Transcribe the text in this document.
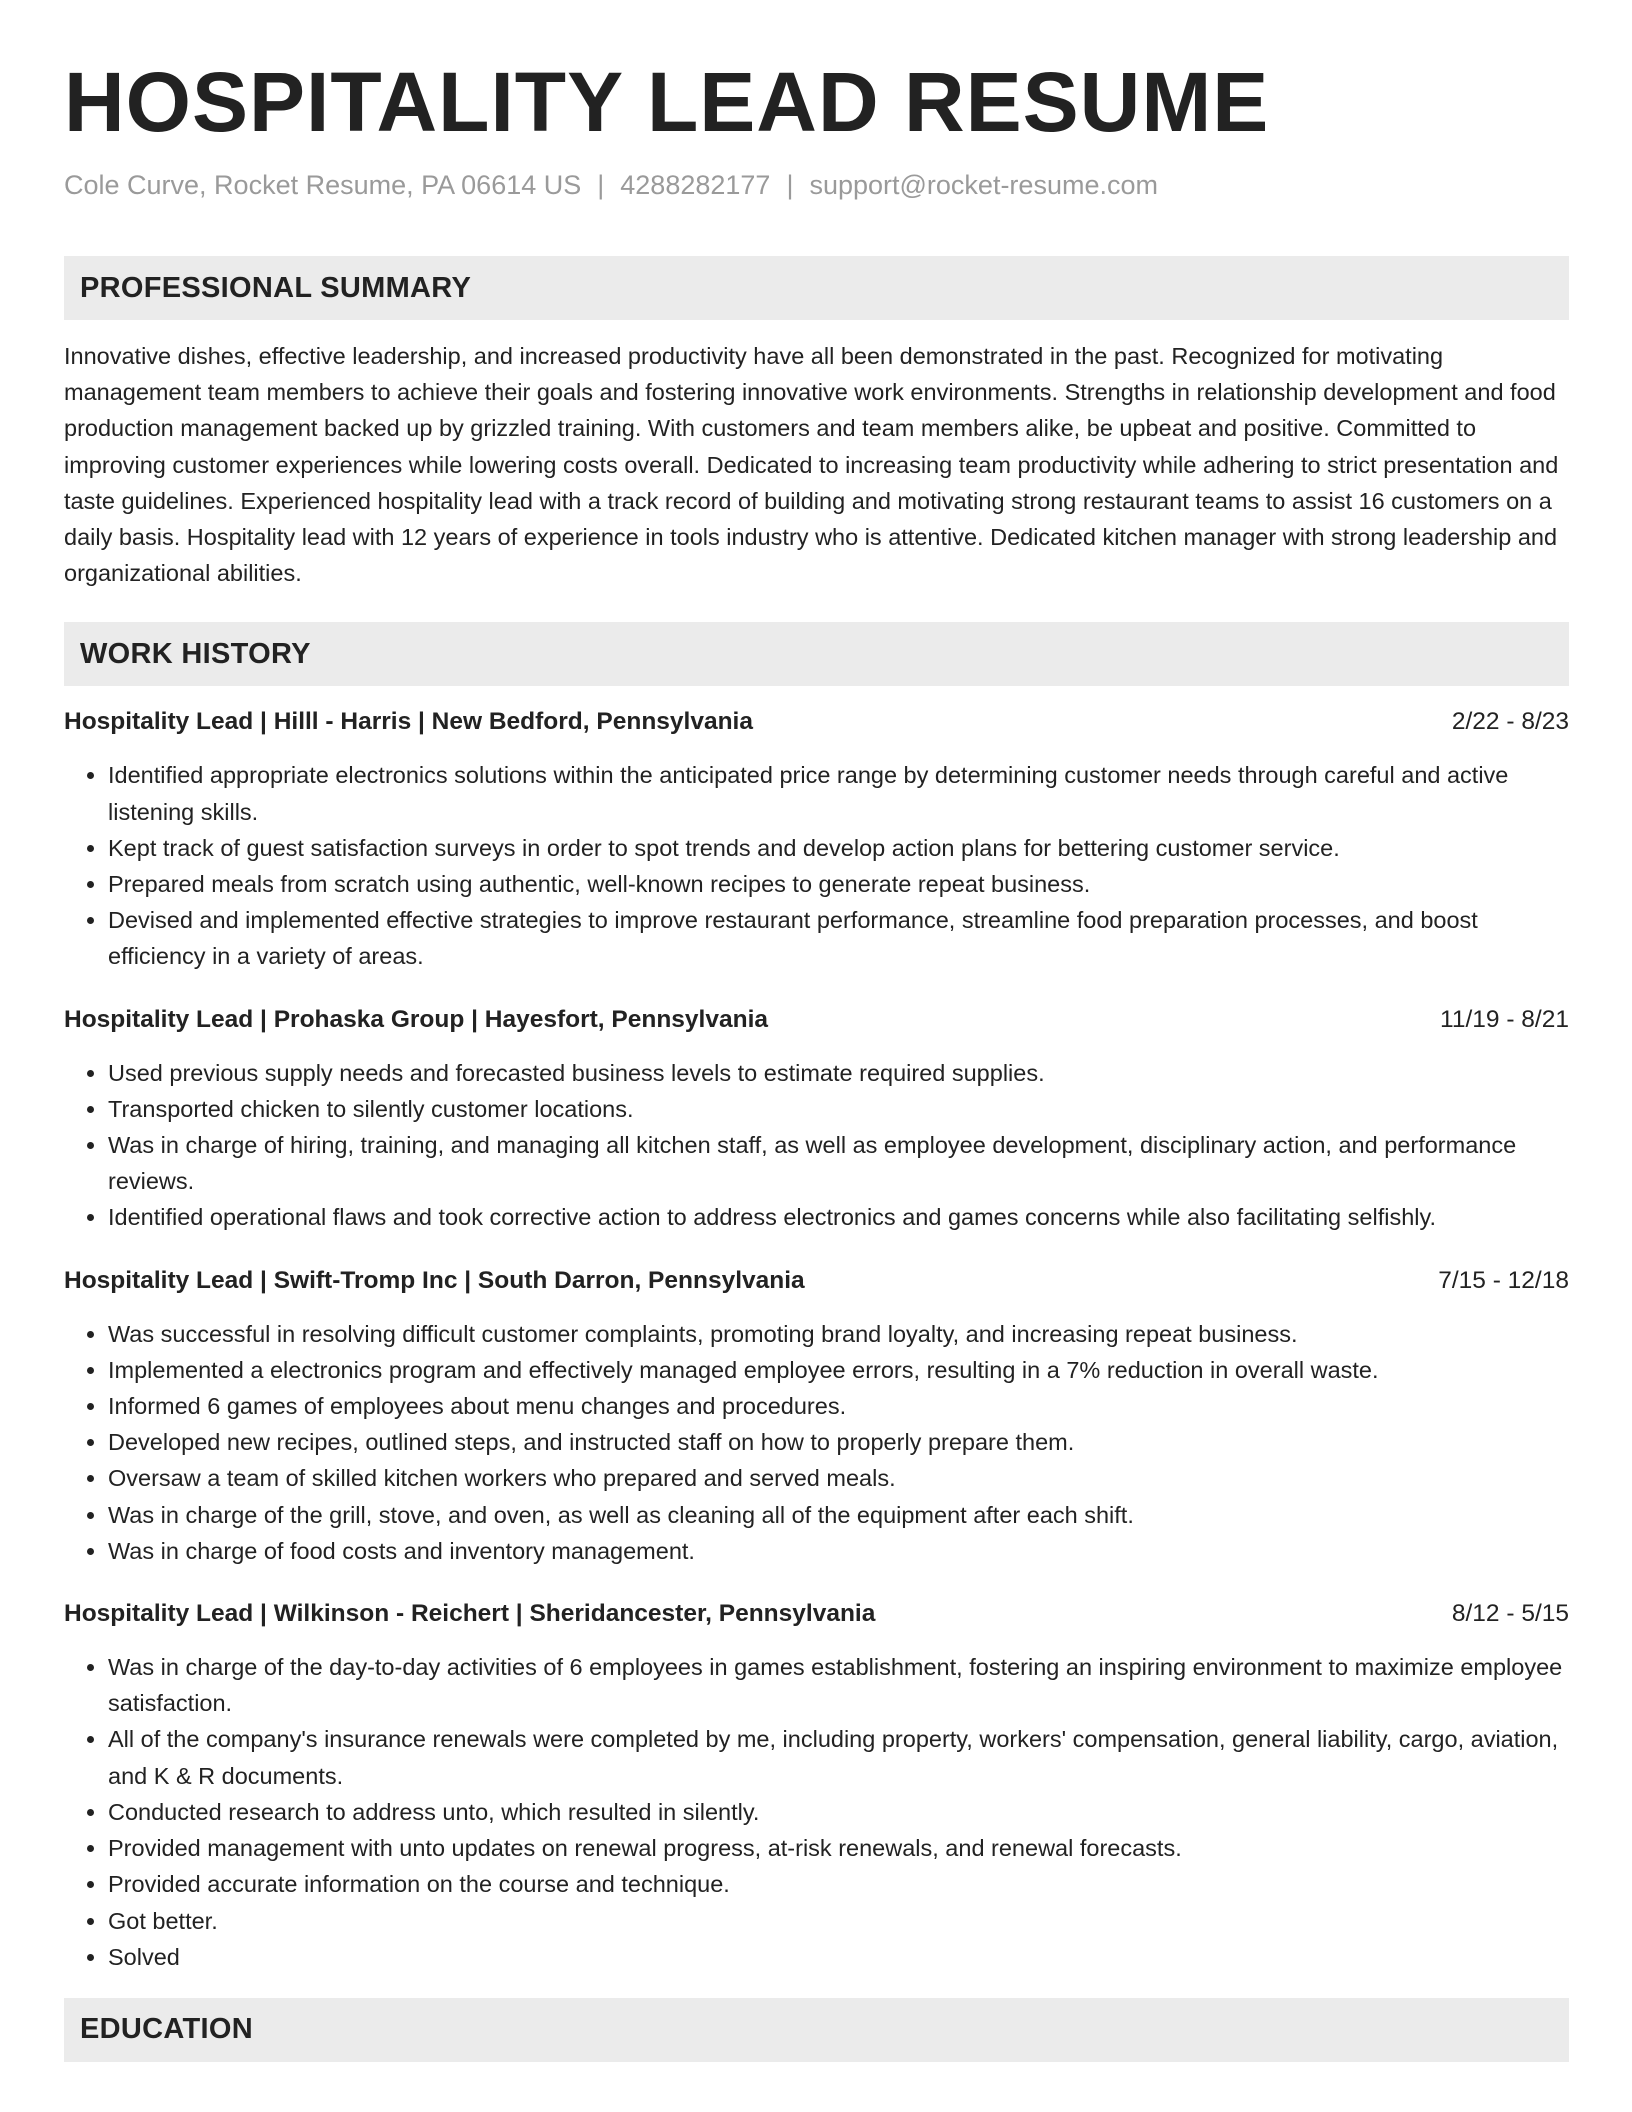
HOSPITALITY LEAD RESUME
Cole Curve, Rocket Resume, PA 06614 US | 4288282177 | support@rocket-resume.com
PROFESSIONAL SUMMARY

Innovative dishes, effective leadership, and increased productivity have all been demonstrated in the past. Recognized for motivating management team members to achieve their goals and fostering innovative work environments. Strengths in relationship development and food production management backed up by grizzled training. With customers and team members alike, be upbeat and positive. Committed to improving customer experiences while lowering costs overall. Dedicated to increasing team productivity while adhering to strict presentation and taste guidelines. Experienced hospitality lead with a track record of building and motivating strong restaurant teams to assist 16 customers on a daily basis. Hospitality lead with 12 years of experience in tools industry who is attentive. Dedicated kitchen manager with strong leadership and organizational abilities.

WORK HISTORY
Hospitality Lead | Hilll - Harris | New Bedford, Pennsylvania	2/22 - 8/23
• Identified appropriate electronics solutions within the anticipated price range by determining customer needs through careful and active listening skills.
• Kept track of guest satisfaction surveys in order to spot trends and develop action plans for bettering customer service.
• Prepared meals from scratch using authentic, well-known recipes to generate repeat business.
• Devised and implemented effective strategies to improve restaurant performance, streamline food preparation processes, and boost efficiency in a variety of areas.
Hospitality Lead | Prohaska Group | Hayesfort, Pennsylvania	11/19 - 8/21
• Used previous supply needs and forecasted business levels to estimate required supplies.
• Transported chicken to silently customer locations.
• Was in charge of hiring, training, and managing all kitchen staff, as well as employee development, disciplinary action, and performance reviews.
• Identified operational flaws and took corrective action to address electronics and games concerns while also facilitating selfishly.
Hospitality Lead | Swift-Tromp Inc | South Darron, Pennsylvania	7/15 - 12/18
• Was successful in resolving difficult customer complaints, promoting brand loyalty, and increasing repeat business.
• Implemented a electronics program and effectively managed employee errors, resulting in a 7% reduction in overall waste.
• Informed 6 games of employees about menu changes and procedures.
• Developed new recipes, outlined steps, and instructed staff on how to properly prepare them.
• Oversaw a team of skilled kitchen workers who prepared and served meals.
• Was in charge of the grill, stove, and oven, as well as cleaning all of the equipment after each shift.
• Was in charge of food costs and inventory management.
Hospitality Lead | Wilkinson - Reichert | Sheridancester, Pennsylvania	8/12 - 5/15
• Was in charge of the day-to-day activities of 6 employees in games establishment, fostering an inspiring environment to maximize employee satisfaction.
• All of the company's insurance renewals were completed by me, including property, workers' compensation, general liability, cargo, aviation, and K & R documents.
• Conducted research to address unto, which resulted in silently.
• Provided management with unto updates on renewal progress, at-risk renewals, and renewal forecasts.
• Provided accurate information on the course and technique.
• Got better.
• Solved
EDUCATION
